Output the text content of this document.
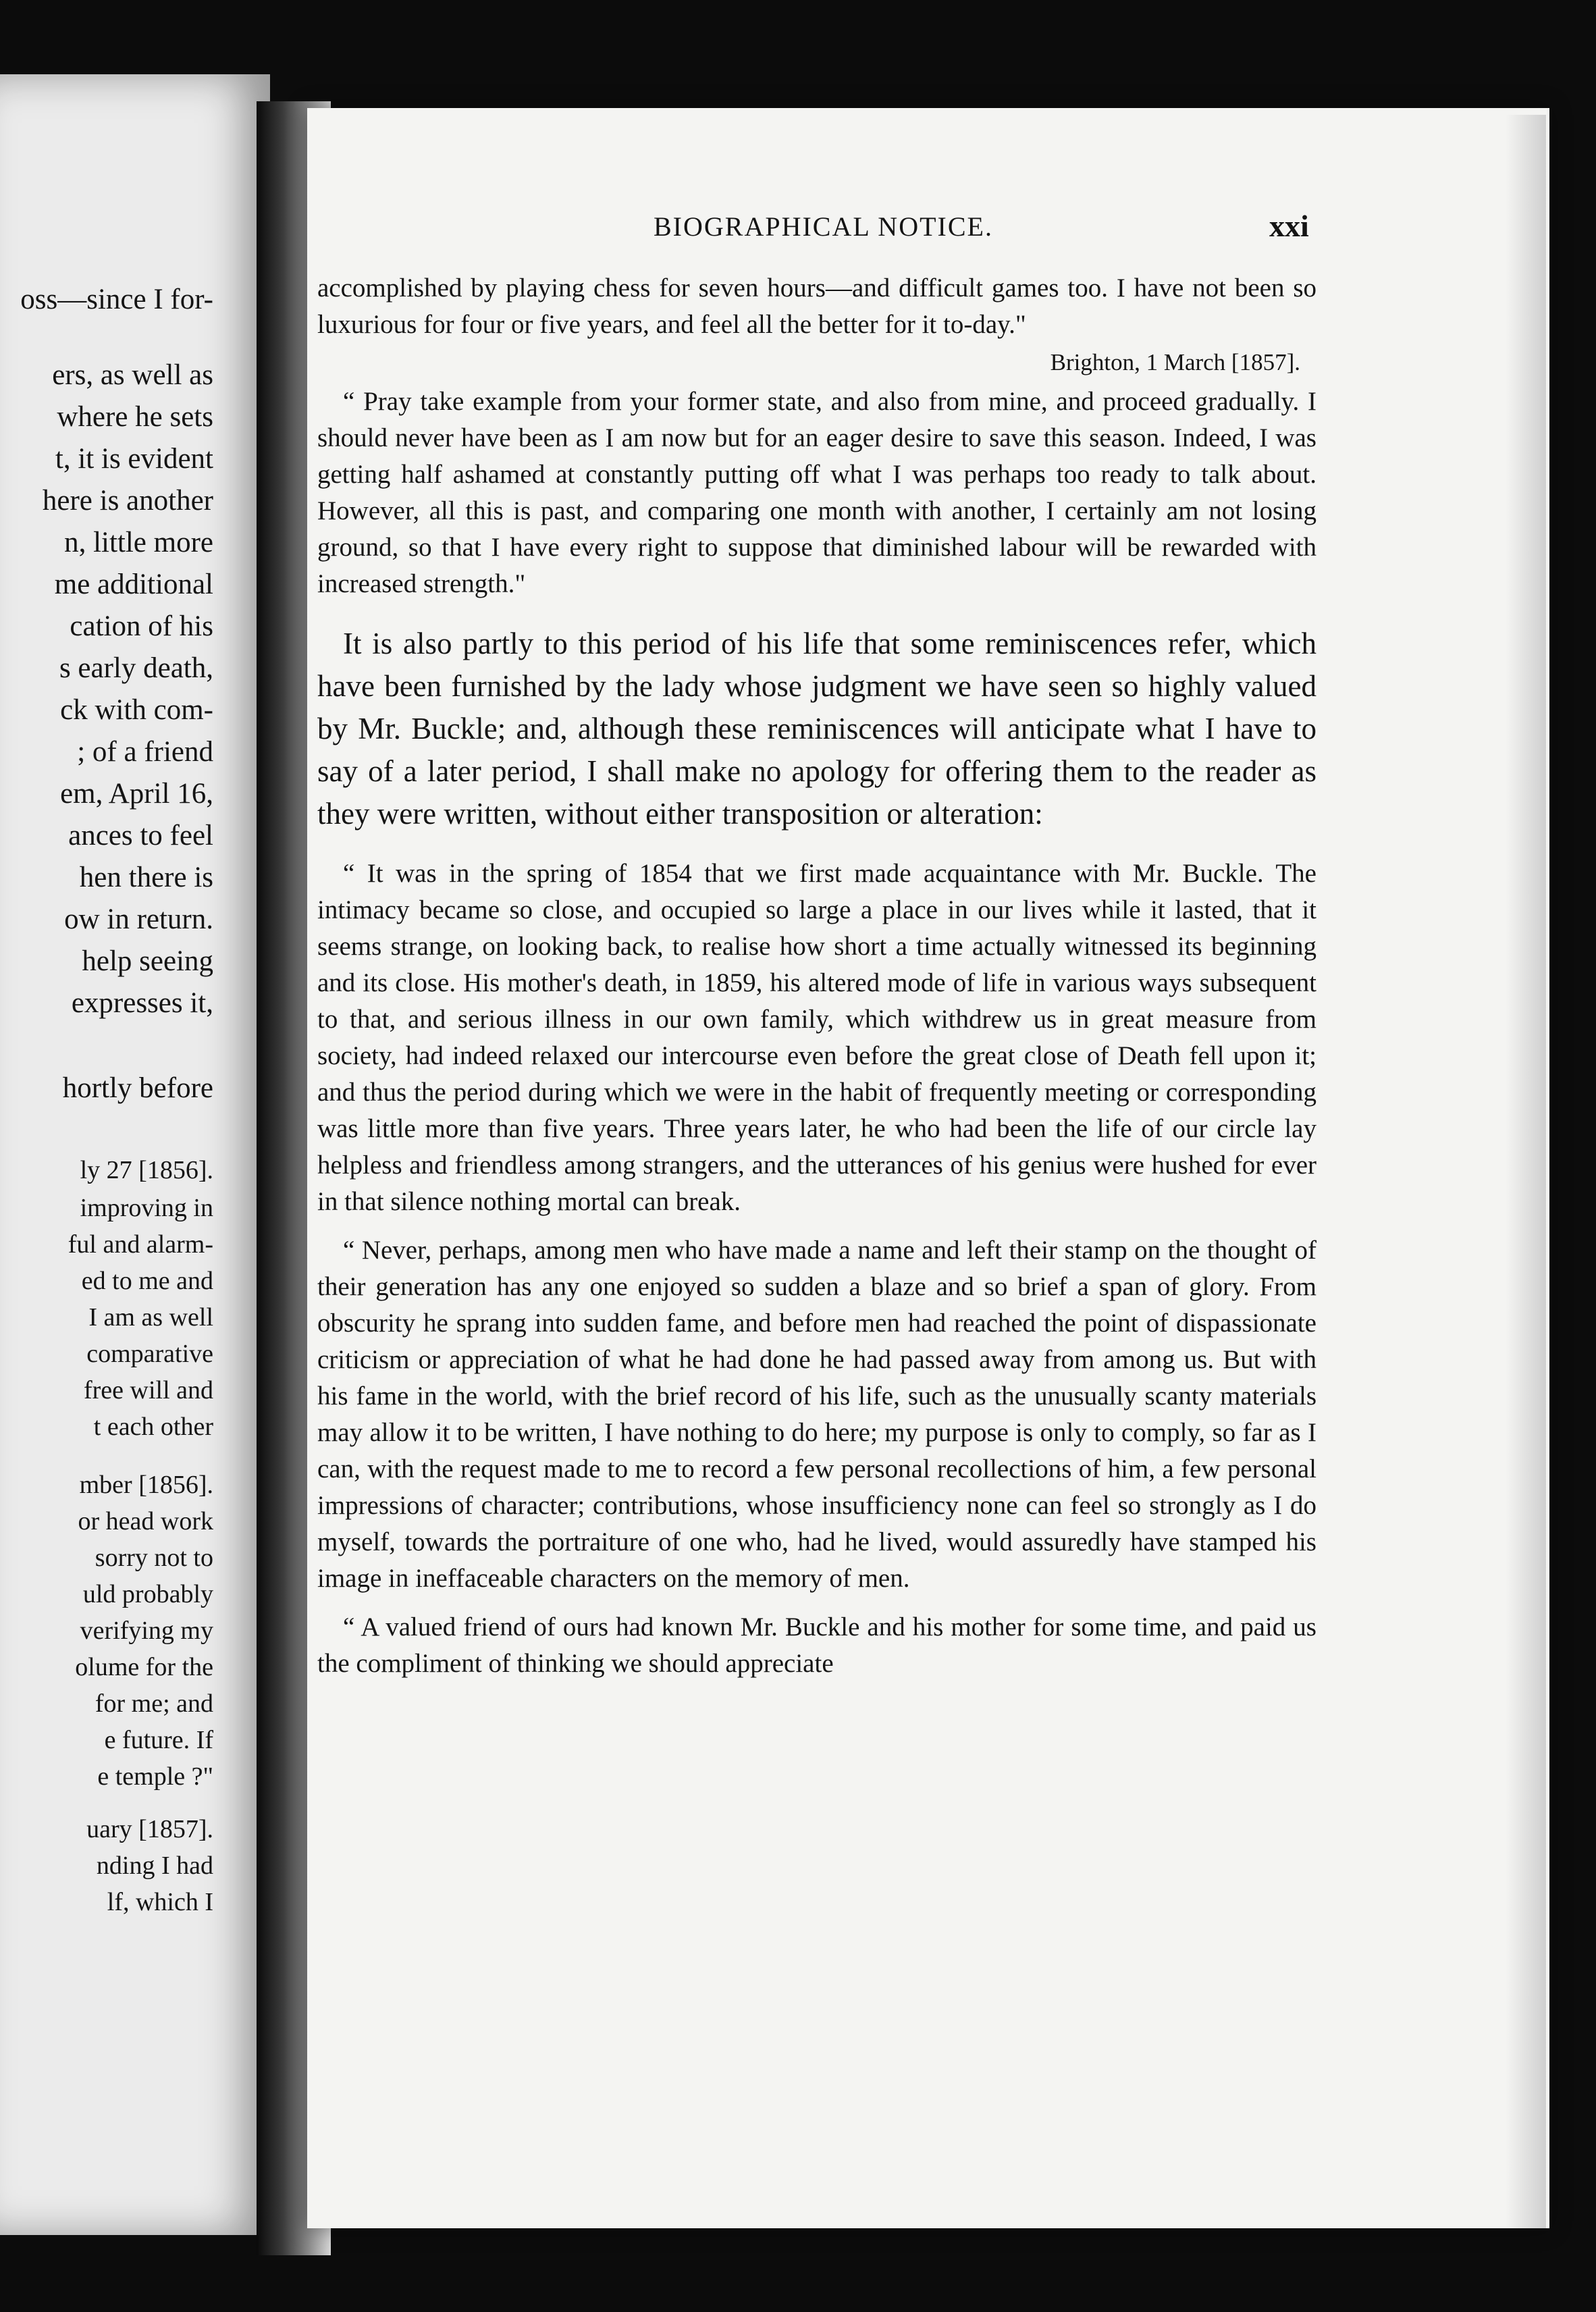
oss—since I for-
ers, as well as
where he sets
t, it is evident
here is another
n, little more
me additional
cation of his
s early death,
ck with com-
; of a friend
em, April 16,
ances to feel
hen there is
ow in return.
help seeing
expresses it,
hortly before
ly 27 [1856].
improving in
ful and alarm-
ed to me and
I am as well
comparative
free will and
t each other
mber [1856].
or head work
sorry not to
uld probably
verifying my
olume for the
for me; and
e future. If
e temple ?"
uary [1857].
nding I had
lf, which I
BIOGRAPHICAL NOTICE.	xxi

accomplished by playing chess for seven hours—and difficult games too. I have not been so luxurious for four or five years, and feel all the better for it to-day."

Brighton, 1 March [1857].

“ Pray take example from your former state, and also from mine, and proceed gradually. I should never have been as I am now but for an eager desire to save this season. Indeed, I was getting half ashamed at constantly putting off what I was perhaps too ready to talk about. However, all this is past, and comparing one month with another, I certainly am not losing ground, so that I have every right to suppose that diminished labour will be rewarded with increased strength."

It is also partly to this period of his life that some reminiscences refer, which have been furnished by the lady whose judgment we have seen so highly valued by Mr. Buckle; and, although these reminiscences will anticipate what I have to say of a later period, I shall make no apology for offering them to the reader as they were written, without either transposition or alteration:

“ It was in the spring of 1854 that we first made acquaintance with Mr. Buckle. The intimacy became so close, and occupied so large a place in our lives while it lasted, that it seems strange, on looking back, to realise how short a time actually witnessed its beginning and its close. His mother's death, in 1859, his altered mode of life in various ways subsequent to that, and serious illness in our own family, which withdrew us in great measure from society, had indeed relaxed our intercourse even before the great close of Death fell upon it; and thus the period during which we were in the habit of frequently meeting or corresponding was little more than five years. Three years later, he who had been the life of our circle lay helpless and friendless among strangers, and the utterances of his genius were hushed for ever in that silence nothing mortal can break.

“ Never, perhaps, among men who have made a name and left their stamp on the thought of their generation has any one enjoyed so sudden a blaze and so brief a span of glory. From obscurity he sprang into sudden fame, and before men had reached the point of dispassionate criticism or appreciation of what he had done he had passed away from among us. But with his fame in the world, with the brief record of his life, such as the unusually scanty materials may allow it to be written, I have nothing to do here; my purpose is only to comply, so far as I can, with the request made to me to record a few personal recollections of him, a few personal impressions of character; contributions, whose insufficiency none can feel so strongly as I do myself, towards the portraiture of one who, had he lived, would assuredly have stamped his image in ineffaceable characters on the memory of men.

“ A valued friend of ours had known Mr. Buckle and his mother for some time, and paid us the compliment of thinking we should appreciate
